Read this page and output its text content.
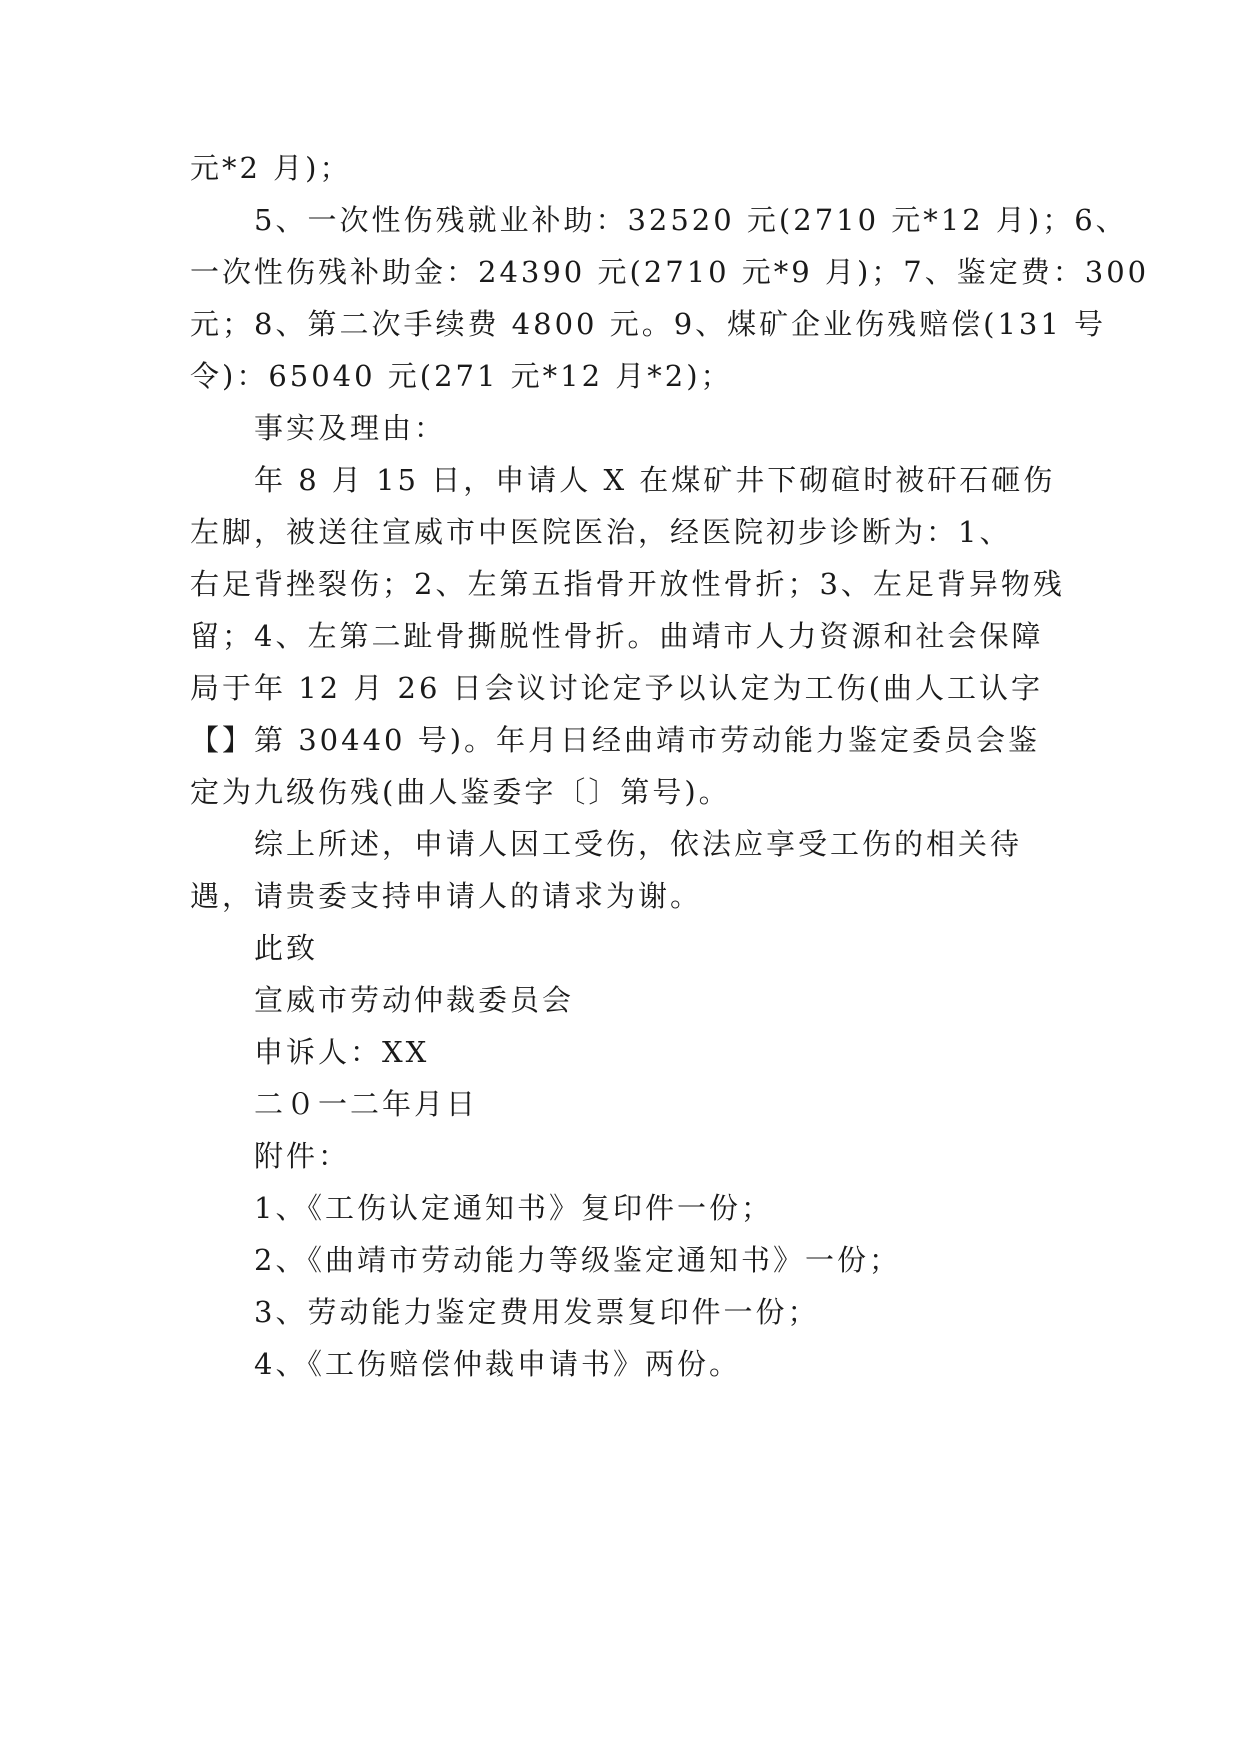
元*2 月)；
5、一次性伤残就业补助：32520 元(2710 元*12 月)；6、
一次性伤残补助金：24390 元(2710 元*9 月)；7、鉴定费：300
元；8、第二次手续费 4800 元。9、煤矿企业伤残赔偿(131 号
令)：65040 元(271 元*12 月*2)；
事实及理由：
年 8 月 15 日，申请人 X 在煤矿井下砌碹时被矸石砸伤
左脚，被送往宣威市中医院医治，经医院初步诊断为：1、
右足背挫裂伤；2、左第五指骨开放性骨折；3、左足背异物残
留；4、左第二趾骨撕脱性骨折。曲靖市人力资源和社会保障
局于年 12 月 26 日会议讨论定予以认定为工伤(曲人工认字
【】第 30440 号)。年月日经曲靖市劳动能力鉴定委员会鉴
定为九级伤残(曲人鉴委字〔〕第号)。
综上所述，申请人因工受伤，依法应享受工伤的相关待
遇，请贵委支持申请人的请求为谢。
此致
宣威市劳动仲裁委员会
申诉人：XX
二０一二年月日
附件：
1、《工伤认定通知书》复印件一份；
2、《曲靖市劳动能力等级鉴定通知书》一份；
3、劳动能力鉴定费用发票复印件一份；
4、《工伤赔偿仲裁申请书》两份。
